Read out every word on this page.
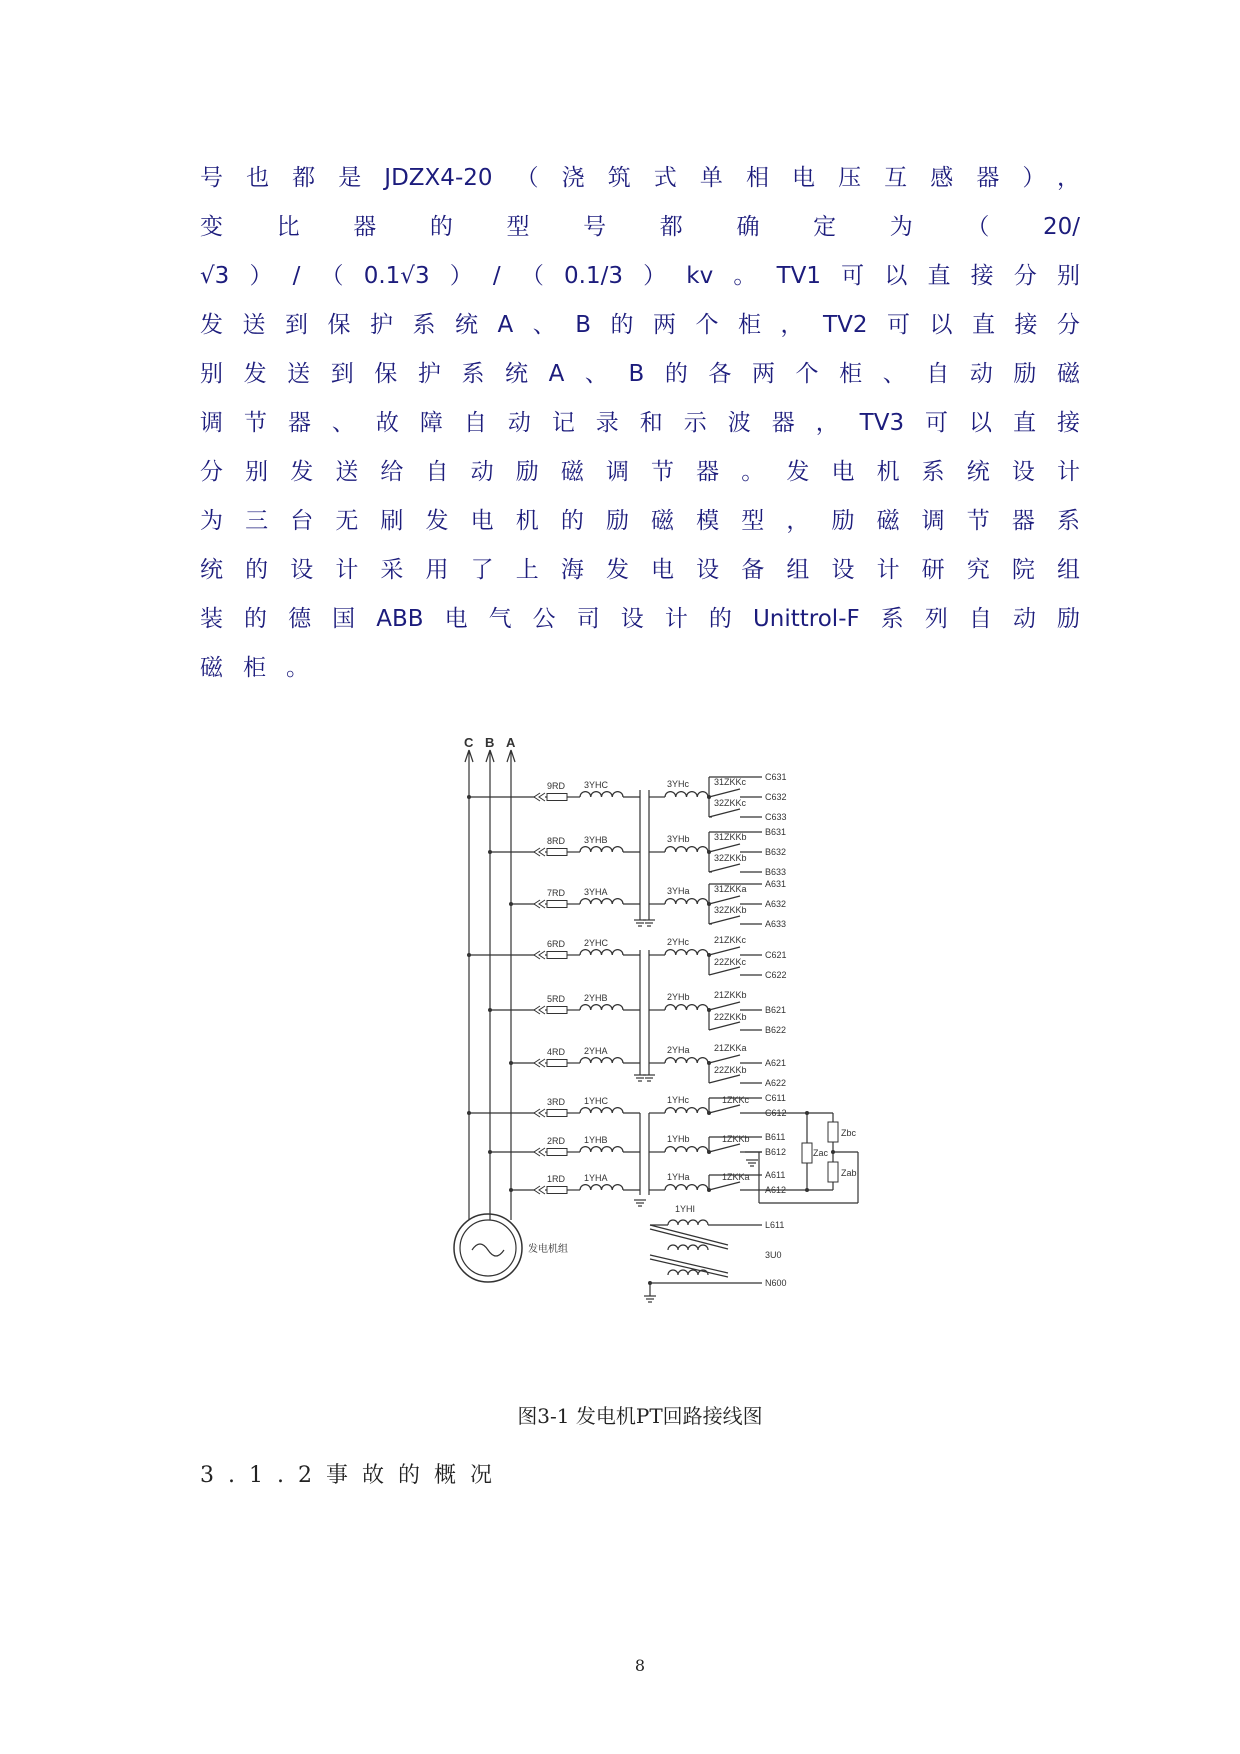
号也都是JDZX4-20（浇筑式单相电压互感器），
变比器的型号都确定为（20/
√3）/（0.1√3）/（0.1/3）kv。TV1可以直接分别
发送到保护系统A、B的两个柜，TV2可以直接分
别发送到保护系统A、B的各两个柜、自动励磁
调节器、故障自动记录和示波器，TV3可以直接
分别发送给自动励磁调节器。发电机系统设计
为三台无刷发电机的励磁模型，励磁调节器系
统的设计采用了上海发电设备组设计研究院组
装的德国ABB电气公司设计的Unittrol-F系列自动励
磁柜。
C B A
发电机组
9RD 3YHC	3YHc
C631
C632
C633
31ZKKc
32ZKKc
8RD 3YHB	3YHb
B631
B632
B633
31ZKKb
32ZKKb
7RD 3YHA	3YHa
A631
A632
A633
31ZKKa
32ZKKb
6RD 2YHC	2YHc
C621
C622
21ZKKc
22ZKKc
5RD 2YHB	2YHb
B621
B622
21ZKKb
22ZKKb
4RD 2YHA	2YHa
A621
A622
21ZKKa
22ZKKb
3RD 1YHC	1YHc	C611
C612
1ZKKc
2RD 1YHB	1YHb	B611
B612
1ZKKb
1RD 1YHA	1YHa	A611
A612
1ZKKa
Zbc
Zac
Zab
1YHI
L611
3U0
N600
图3-1 发电机PT回路接线图
3.1.2事故的概况
8
